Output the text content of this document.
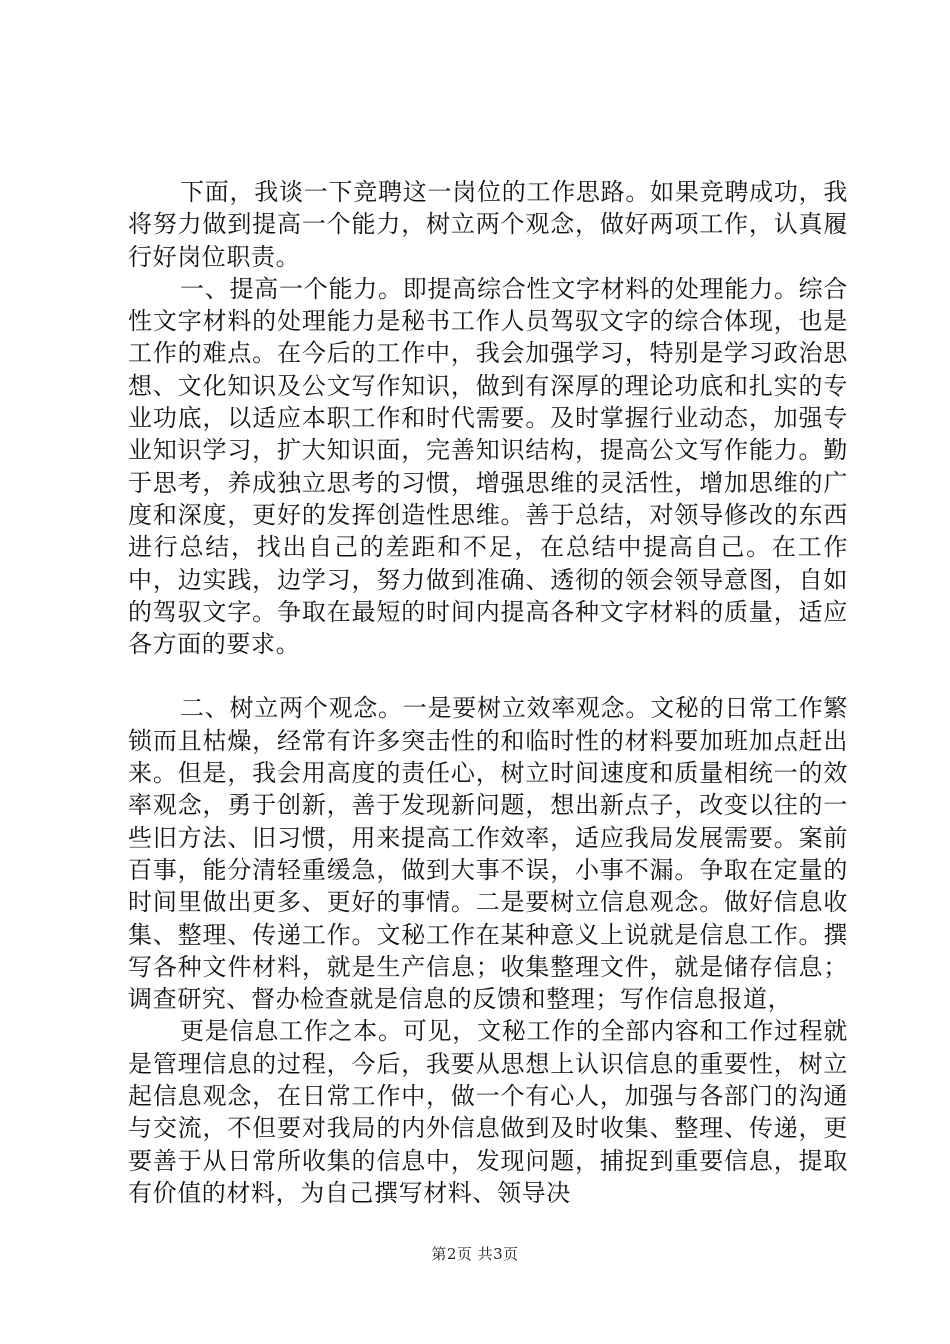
下面，我谈一下竞聘这一岗位的工作思路。如果竞聘成功，我将努力做到提高一个能力，树立两个观念，做好两项工作，认真履行好岗位职责。

一、提高一个能力。即提高综合性文字材料的处理能力。综合性文字材料的处理能力是秘书工作人员驾驭文字的综合体现，也是工作的难点。在今后的工作中，我会加强学习，特别是学习政治思想、文化知识及公文写作知识，做到有深厚的理论功底和扎实的专业功底，以适应本职工作和时代需要。及时掌握行业动态，加强专业知识学习，扩大知识面，完善知识结构，提高公文写作能力。勤于思考，养成独立思考的习惯，增强思维的灵活性，增加思维的广度和深度，更好的发挥创造性思维。善于总结，对领导修改的东西进行总结，找出自己的差距和不足，在总结中提高自己。在工作中，边实践，边学习，努力做到准确、透彻的领会领导意图，自如的驾驭文字。争取在最短的时间内提高各种文字材料的质量，适应各方面的要求。

二、树立两个观念。一是要树立效率观念。文秘的日常工作繁锁而且枯燥，经常有许多突击性的和临时性的材料要加班加点赶出来。但是，我会用高度的责任心，树立时间速度和质量相统一的效率观念，勇于创新，善于发现新问题，想出新点子，改变以往的一些旧方法、旧习惯，用来提高工作效率，适应我局发展需要。案前百事，能分清轻重缓急，做到大事不误，小事不漏。争取在定量的时间里做出更多、更好的事情。二是要树立信息观念。做好信息收集、整理、传递工作。文秘工作在某种意义上说就是信息工作。撰写各种文件材料，就是生产信息；收集整理文件，就是储存信息；调查研究、督办检查就是信息的反馈和整理；写作信息报道，

更是信息工作之本。可见，文秘工作的全部内容和工作过程就是管理信息的过程，今后，我要从思想上认识信息的重要性，树立起信息观念，在日常工作中，做一个有心人，加强与各部门的沟通与交流，不但要对我局的内外信息做到及时收集、整理、传递，更要善于从日常所收集的信息中，发现问题，捕捉到重要信息，提取有价值的材料，为自己撰写材料、领导决

第2页 共3页
